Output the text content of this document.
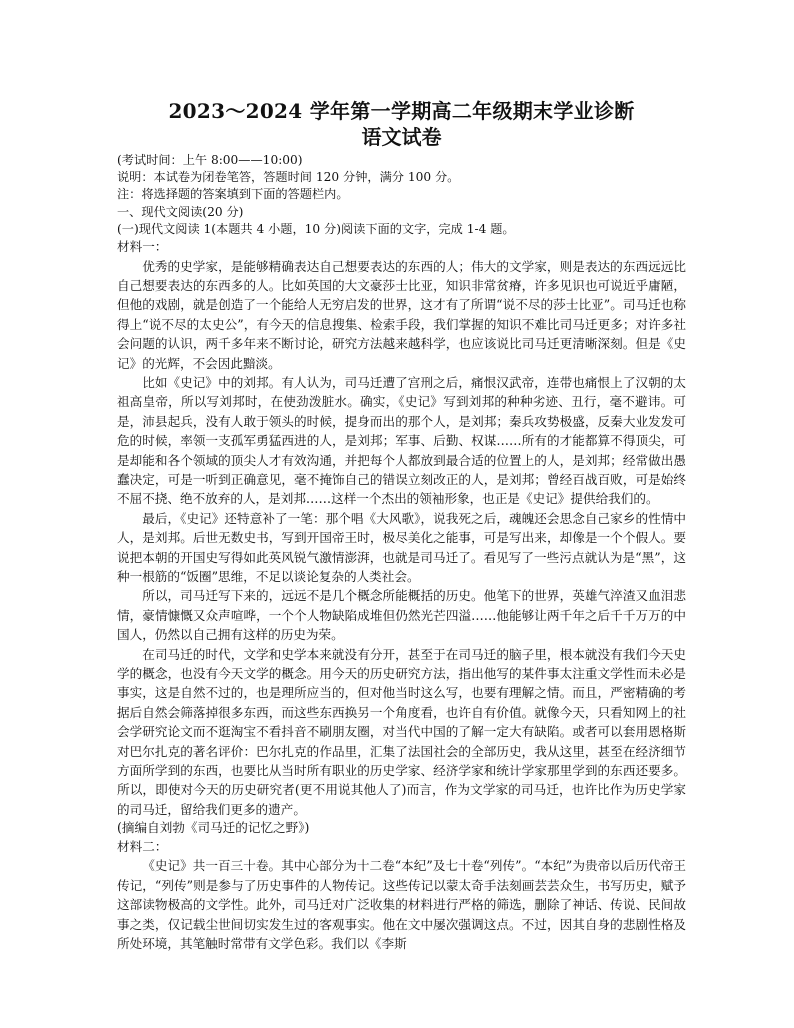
2023～2024 学年第一学期高二年级期末学业诊断
语文试卷

(考试时间：上午 8:00——10:00)

说明：本试卷为闭卷笔答，答题时间 120 分钟，满分 100 分。

注：将选择题的答案填到下面的答题栏内。

一、现代文阅读(20 分)

(一)现代文阅读 1(本题共 4 小题，10 分)阅读下面的文字，完成 1-4 题。

材料一：

优秀的史学家，是能够精确表达自己想要表达的东西的人；伟大的文学家，则是表达的东西远远比自己想要表达的东西多的人。比如英国的大文豪莎士比亚，知识非常贫瘠，许多见识也可说近乎庸陋，但他的戏剧，就是创造了一个能给人无穷启发的世界，这才有了所谓“说不尽的莎士比亚”。司马迁也称得上“说不尽的太史公”，有今天的信息搜集、检索手段，我们掌握的知识不难比司马迁更多；对许多社会问题的认识，两千多年来不断讨论，研究方法越来越科学，也应该说比司马迁更清晰深刻。但是《史记》的光辉，不会因此黯淡。

比如《史记》中的刘邦。有人认为，司马迁遭了宫刑之后，痛恨汉武帝，连带也痛恨上了汉朝的太祖高皇帝，所以写刘邦时，在使劲泼脏水。确实，《史记》写到刘邦的种种劣迹、丑行，毫不避讳。可是，沛县起兵，没有人敢于领头的时候，提身而出的那个人，是刘邦；秦兵攻势极盛，反秦大业发发可危的时候，率领一支孤军勇猛西进的人，是刘邦；军事、后勤、权谋……所有的才能都算不得顶尖，可是却能和各个领域的顶尖人才有效沟通，并把每个人都放到最合适的位置上的人，是刘邦；经常做出愚蠢决定，可是一听到正确意见，毫不掩饰自己的错误立刻改正的人，是刘邦；曾经百战百败，可是始终不屈不挠、绝不放弃的人，是刘邦……这样一个杰出的领袖形象，也正是《史记》提供给我们的。

最后，《史记》还特意补了一笔：那个唱《大风歌》，说我死之后，魂魄还会思念自己家乡的性情中人，是刘邦。后世无数史书，写到开国帝王时，极尽美化之能事，可是写出来，却像是一个个假人。要说把本朝的开国史写得如此英风锐气激情澎湃，也就是司马迁了。看见写了一些污点就认为是“黑”，这种一根筋的“饭圈”思维，不足以谈论复杂的人类社会。

所以，司马迁写下来的，远远不是几个概念所能概括的历史。他笔下的世界，英雄气淬渣又血泪悲情，豪情慷慨又众声喧哗，一个个人物缺陷成堆但仍然光芒四溢……他能够让两千年之后千千万万的中国人，仍然以自己拥有这样的历史为荣。

在司马迁的时代，文学和史学本来就没有分开，甚至于在司马迁的脑子里，根本就没有我们今天史学的概念，也没有今天文学的概念。用今天的历史研究方法，指出他写的某件事太注重文学性而未必是事实，这是自然不过的，也是理所应当的，但对他当时这么写，也要有理解之情。而且，严密精确的考据后自然会筛落掉很多东西，而这些东西换另一个角度看，也许自有价值。就像今天，只看知网上的社会学研究论文而不逛淘宝不看抖音不刷朋友圈，对当代中国的了解一定大有缺陷。或者可以套用恩格斯对巴尔扎克的著名评价：巴尔扎克的作品里，汇集了法国社会的全部历史，我从这里，甚至在经济细节方面所学到的东西，也要比从当时所有职业的历史学家、经济学家和统计学家那里学到的东西还要多。所以，即使对今天的历史研究者(更不用说其他人了)而言，作为文学家的司马迁，也许比作为历史学家的司马迁，留给我们更多的遗产。

(摘编自刘勃《司马迁的记忆之野》)

材料二：

《史记》共一百三十卷。其中心部分为十二卷“本纪”及七十卷“列传”。“本纪”为贵帝以后历代帝王传记，“列传”则是参与了历史事件的人物传记。这些传记以蒙太奇手法刻画芸芸众生，书写历史，赋予这部读物极高的文学性。此外，司马迁对广泛收集的材料进行严格的筛选，删除了神话、传说、民间故事之类，仅记载尘世间切实发生过的客观事实。他在文中屡次强调这点。不过，因其自身的悲剧性格及所处环境，其笔触时常带有文学色彩。我们以《李斯
